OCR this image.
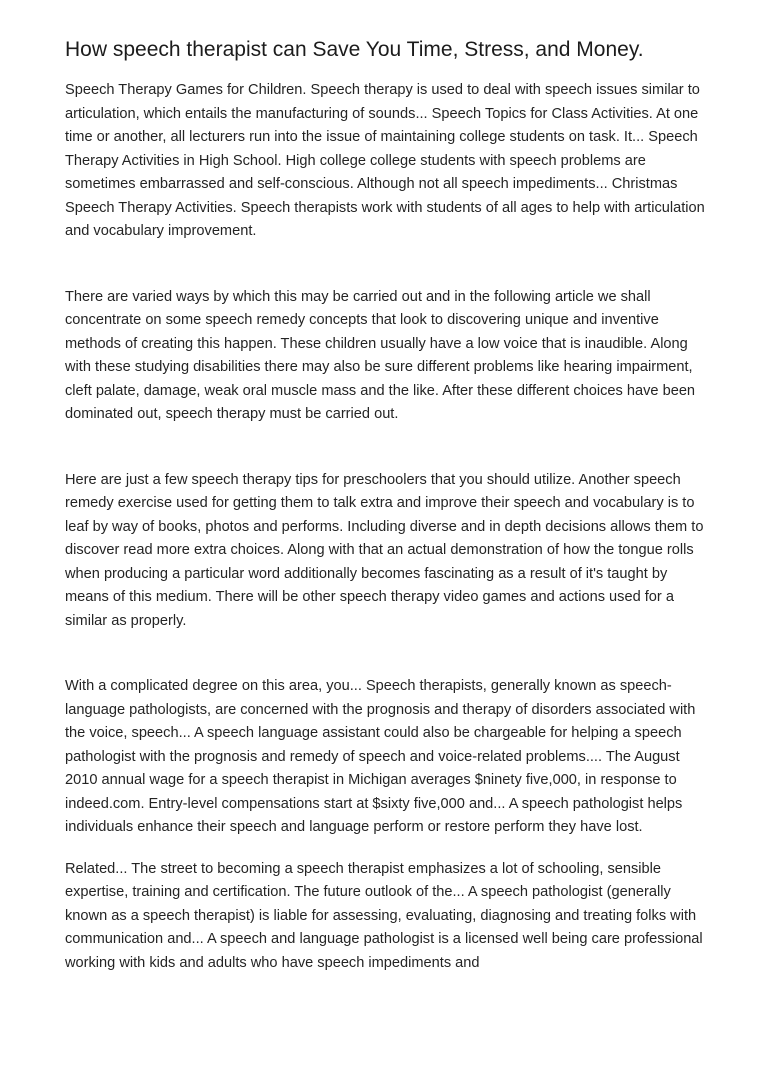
How speech therapist can Save You Time, Stress, and Money.

Speech Therapy Games for Children. Speech therapy is used to deal with speech issues similar to articulation, which entails the manufacturing of sounds... Speech Topics for Class Activities. At one time or another, all lecturers run into the issue of maintaining college students on task. It... Speech Therapy Activities in High School. High college college students with speech problems are sometimes embarrassed and self-conscious. Although not all speech impediments... Christmas Speech Therapy Activities. Speech therapists work with students of all ages to help with articulation and vocabulary improvement.

There are varied ways by which this may be carried out and in the following article we shall concentrate on some speech remedy concepts that look to discovering unique and inventive methods of creating this happen. These children usually have a low voice that is inaudible. Along with these studying disabilities there may also be sure different problems like hearing impairment, cleft palate, damage, weak oral muscle mass and the like. After these different choices have been dominated out, speech therapy must be carried out.

Here are just a few speech therapy tips for preschoolers that you should utilize. Another speech remedy exercise used for getting them to talk extra and improve their speech and vocabulary is to leaf by way of books, photos and performs. Including diverse and in depth decisions allows them to discover read more extra choices. Along with that an actual demonstration of how the tongue rolls when producing a particular word additionally becomes fascinating as a result of it's taught by means of this medium. There will be other speech therapy video games and actions used for a similar as properly.

With a complicated degree on this area, you... Speech therapists, generally known as speech-language pathologists, are concerned with the prognosis and therapy of disorders associated with the voice, speech... A speech language assistant could also be chargeable for helping a speech pathologist with the prognosis and remedy of speech and voice-related problems.... The August 2010 annual wage for a speech therapist in Michigan averages $ninety five,000, in response to indeed.com. Entry-level compensations start at $sixty five,000 and... A speech pathologist helps individuals enhance their speech and language perform or restore perform they have lost.

Related... The street to becoming a speech therapist emphasizes a lot of schooling, sensible expertise, training and certification. The future outlook of the... A speech pathologist (generally known as a speech therapist) is liable for assessing, evaluating, diagnosing and treating folks with communication and... A speech and language pathologist is a licensed well being care professional working with kids and adults who have speech impediments and
